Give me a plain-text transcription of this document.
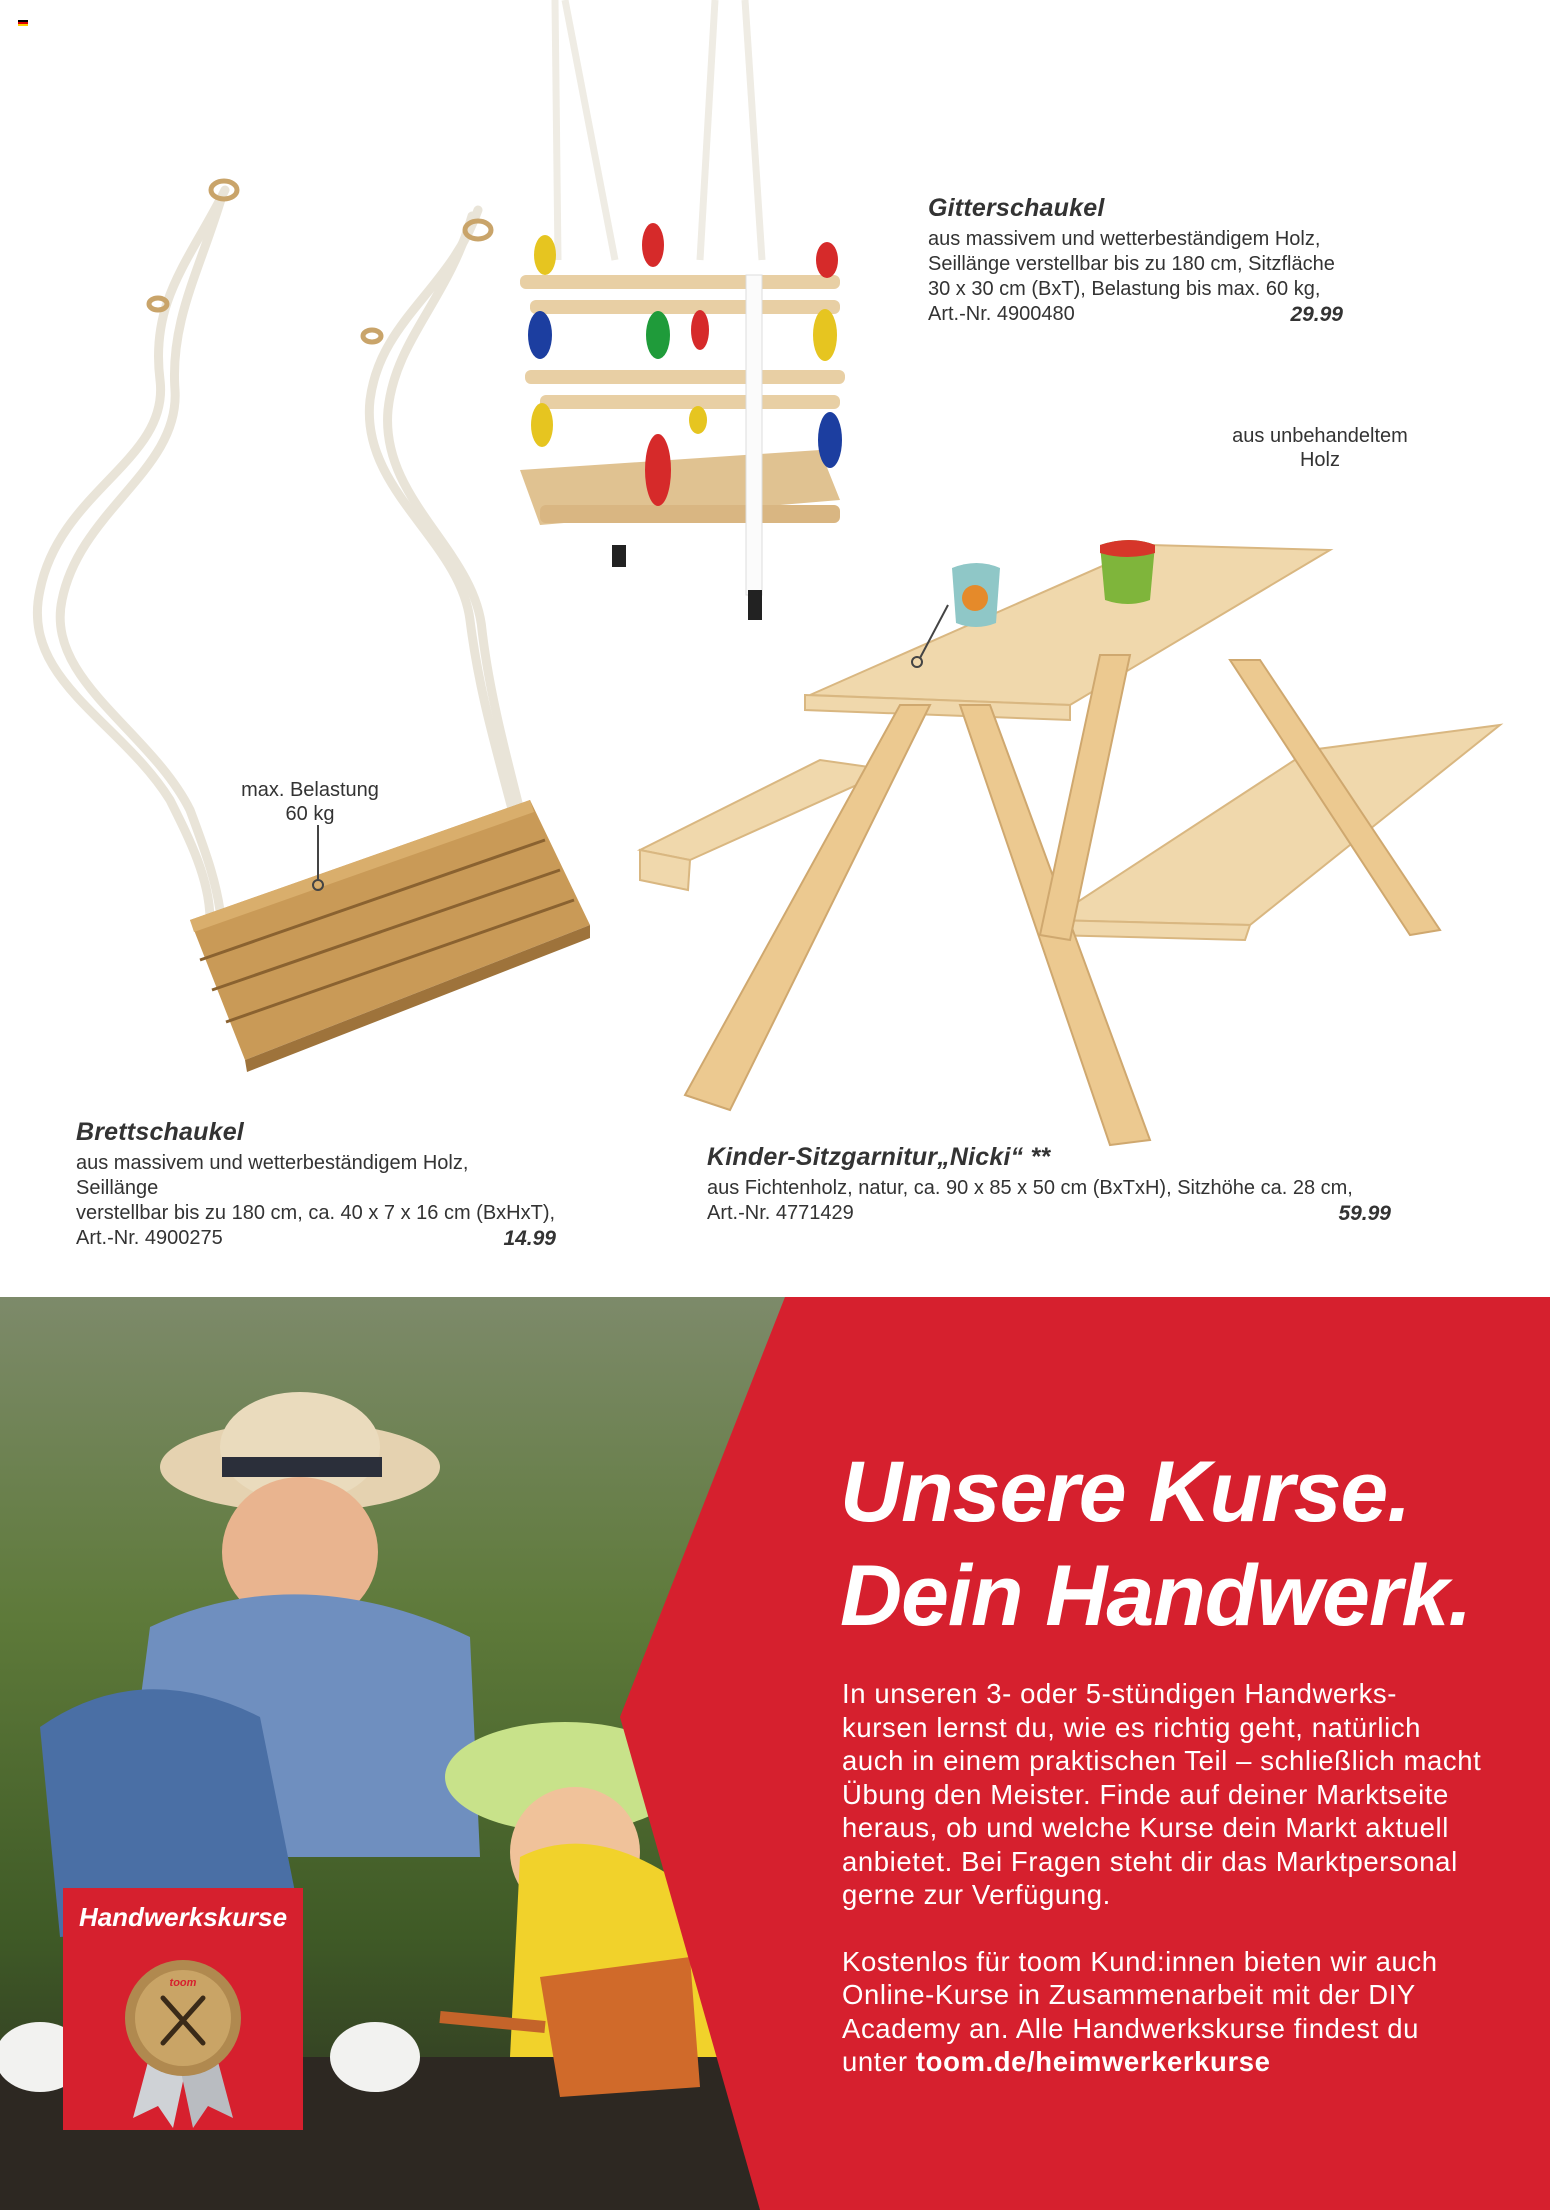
Gitterschaukel
aus massivem und wetterbeständigem Holz,
Seillänge verstellbar bis zu 180 cm, Sitzfläche
30 x 30 cm (BxT), Belastung bis max. 60 kg,
Art.-Nr. 4900480	29.99
aus unbehandeltem
Holz
max. Belastung
60 kg
Brettschaukel
aus massivem und wetterbeständigem Holz, Seillänge
verstellbar bis zu 180 cm, ca. 40 x 7 x 16 cm (BxHxT),
Art.-Nr. 4900275	14.99
Kinder-Sitzgarnitur„Nicki“ **
aus Fichtenholz, natur, ca. 90 x 85 x 50 cm (BxTxH), Sitzhöhe ca. 28 cm,
Art.-Nr. 4771429	59.99
Unsere Kurse.
Dein Handwerk.

In unseren 3- oder 5-stündigen Handwerks-kursen lernst du, wie es richtig geht, natürlich auch in einem praktischen Teil – schließlich macht Übung den Meister. Finde auf deiner Marktseite heraus, ob und welche Kurse dein Markt aktuell anbietet. Bei Fragen steht dir das Marktpersonal gerne zur Verfügung.

Kostenlos für toom Kund:innen bieten wir auch Online-Kurse in Zusammenarbeit mit der DIY Academy an. Alle Handwerkskurse findest du unter toom.de/heimwerkerkurse

Handwerkskurse
toom
